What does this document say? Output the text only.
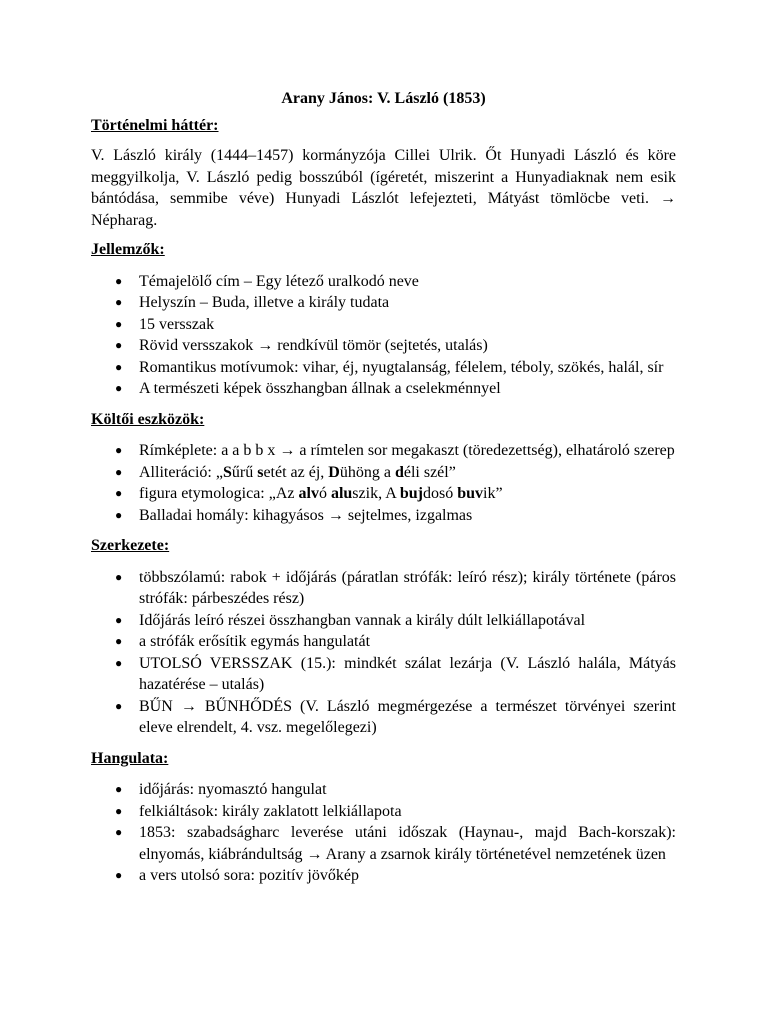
Arany János: V. László (1853)

Történelmi háttér:

V. László király (1444–1457) kormányzója Cillei Ulrik. Őt Hunyadi László és köre meggyilkolja, V. László pedig bosszúból (ígéretét, miszerint a Hunyadiaknak nem esik bántódása, semmibe véve) Hunyadi Lászlót lefejezteti, Mátyást tömlöcbe veti. → Népharag.

Jellemzők:

● Témajelölő cím – Egy létező uralkodó neve
● Helyszín – Buda, illetve a király tudata
● 15 versszak
● Rövid versszakok → rendkívül tömör (sejtetés, utalás)
● Romantikus motívumok: vihar, éj, nyugtalanság, félelem, téboly, szökés, halál, sír
● A természeti képek összhangban állnak a cselekménnyel

Költői eszközök:

● Rímképlete: a a b b x → a rímtelen sor megakaszt (töredezettség), elhatároló szerep
● Alliteráció: „Sűrű setét az éj, Dühöng a déli szél”
● figura etymologica: „Az alvó aluszik, A bujdosó buvik”
● Balladai homály: kihagyásos → sejtelmes, izgalmas

Szerkezete:

● többszólamú: rabok + időjárás (páratlan strófák: leíró rész); király története (páros strófák: párbeszédes rész)
● Időjárás leíró részei összhangban vannak a király dúlt lelkiállapotával
● a strófák erősítik egymás hangulatát
● UTOLSÓ VERSSZAK (15.): mindkét szálat lezárja (V. László halála, Mátyás hazatérése – utalás)
● BŰN → BŰNHŐDÉS (V. László megmérgezése a természet törvényei szerint eleve elrendelt, 4. vsz. megelőlegezi)

Hangulata:

● időjárás: nyomasztó hangulat
● felkiáltások: király zaklatott lelkiállapota
● 1853: szabadságharc leverése utáni időszak (Haynau-, majd Bach-korszak): elnyomás, kiábrándultság → Arany a zsarnok király történetével nemzetének üzen
● a vers utolsó sora: pozitív jövőkép
